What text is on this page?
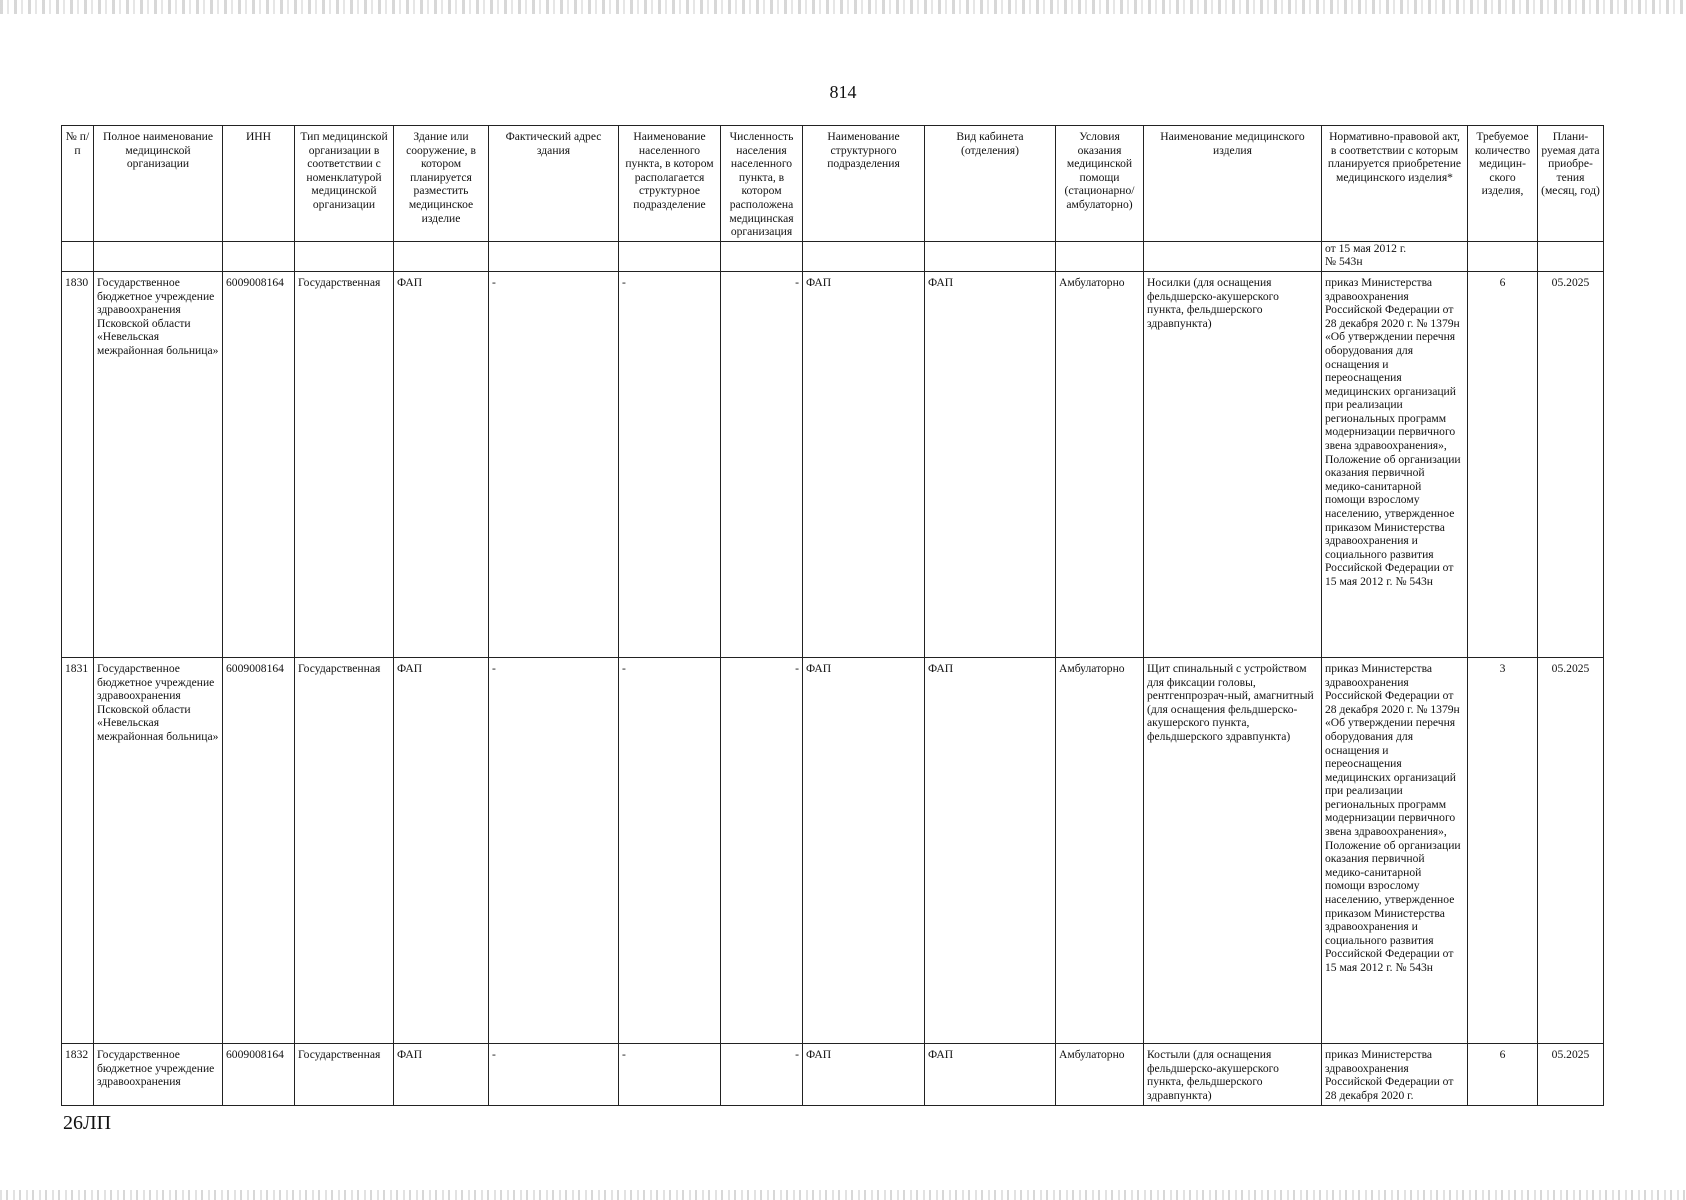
814
№ п/п	Полное наименование медицинской организации	ИНН	Тип медицинской организации в соответствии с номенклатурой медицинской организации	Здание или сооружение, в котором планируется разместить медицинское изделие	Фактический адрес здания	Наименование населенного пункта, в котором располагается структурное подразделение	Численность населения населенного пункта, в котором расположена медицинская организация	Наименование структурного подразделения	Вид кабинета (отделения)	Условия оказания медицинской помощи (стационарно/ амбулаторно)	Наименование медицинского изделия	Нормативно-правовой акт, в соответствии с которым планируется приобретение медицинского изделия*	Требуемое количество медицин-ского изделия,	Плани-руемая дата приобре-тения (месяц, год)
												от 15 мая 2012 г.
№ 543н		
1830	Государственное бюджетное учреждение здравоохранения Псковской области «Невельская межрайонная больница»	6009008164	Государственная	ФАП	-	-	-	ФАП	ФАП	Амбулаторно	Носилки (для оснащения фельдшерско-акушерского пункта, фельдшерского здравпункта)	приказ Министерства здравоохранения Российской Федерации от 28 декабря 2020 г. № 1379н «Об утверждении перечня оборудования для оснащения и переоснащения медицинских организаций при реализации региональных программ модернизации первичного звена здравоохранения», Положение об организации оказания первичной медико-санитарной помощи взрослому населению, утвержденное приказом Министерства здравоохранения и социального развития Российской Федерации от 15 мая 2012 г. № 543н	6	05.2025
1831	Государственное бюджетное учреждение здравоохранения Псковской области «Невельская межрайонная больница»	6009008164	Государственная	ФАП	-	-	-	ФАП	ФАП	Амбулаторно	Щит спинальный с устройством для фиксации головы, рентгенпрозрач-ный, амагнитный (для оснащения фельдшерско-акушерского пункта, фельдшерского здравпункта)	приказ Министерства здравоохранения Российской Федерации от 28 декабря 2020 г. № 1379н «Об утверждении перечня оборудования для оснащения и переоснащения медицинских организаций при реализации региональных программ модернизации первичного звена здравоохранения», Положение об организации оказания первичной медико-санитарной помощи взрослому населению, утвержденное приказом Министерства здравоохранения и социального развития Российской Федерации от 15 мая 2012 г. № 543н	3	05.2025
1832	Государственное бюджетное учреждение здравоохранения	6009008164	Государственная	ФАП	-	-	-	ФАП	ФАП	Амбулаторно	Костыли (для оснащения фельдшерско-акушерского пункта, фельдшерского здравпункта)	приказ Министерства здравоохранения Российской Федерации от 28 декабря 2020 г.	6	05.2025
26ЛП
